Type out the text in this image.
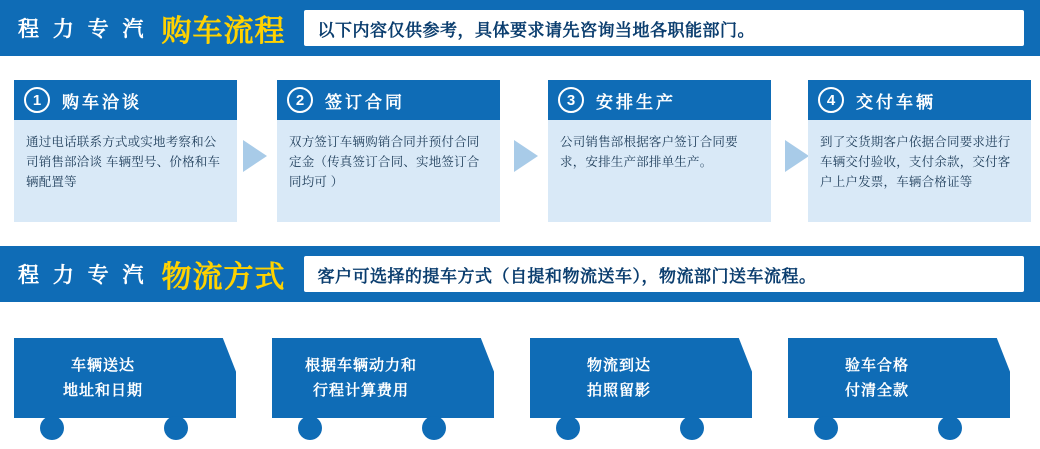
程 力 专 汽 购车流程	以下内容仅供参考，具体要求请先咨询当地各职能部门。
1	购车洽谈
通过电话联系方式或实地考察和公司销售部洽谈 车辆型号、价格和车辆配置等
2	签订合同
双方签订车辆购销合同并预付合同定金（传真签订合同、实地签订合同均可 ）
3	安排生产
公司销售部根据客户签订合同要求，安排生产部排单生产。
4	交付车辆
到了交货期客户依据合同要求进行车辆交付验收，支付余款，交付客户上户发票，车辆合格证等
程 力 专 汽 物流方式	客户可选择的提车方式（自提和物流送车），物流部门送车流程。
车辆送达
地址和日期
根据车辆动力和
行程计算费用
物流到达
拍照留影
验车合格
付清全款
